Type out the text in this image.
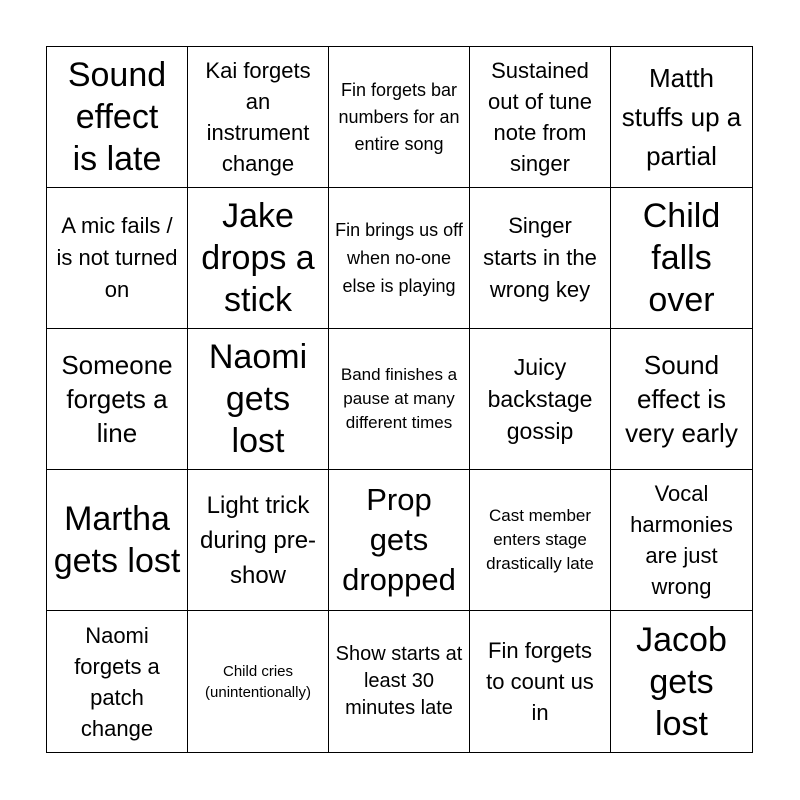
Sound effect is late
Kai forgets an instrument change
Fin forgets bar numbers for an entire song
Sustained out of tune note from singer
Matth stuffs up a partial
A mic fails / is not turned on
Jake drops a stick
Fin brings us off when no-one else is playing
Singer starts in the wrong key
Child falls over
Someone forgets a line
Naomi gets lost
Band finishes a pause at many different times
Juicy backstage gossip
Sound effect is very early
Martha gets lost
Light trick during pre-show
Prop gets dropped
Cast member enters stage drastically late
Vocal harmonies are just wrong
Naomi forgets a patch change
Child cries (unintentionally)
Show starts at least 30 minutes late
Fin forgets to count us in
Jacob gets lost
